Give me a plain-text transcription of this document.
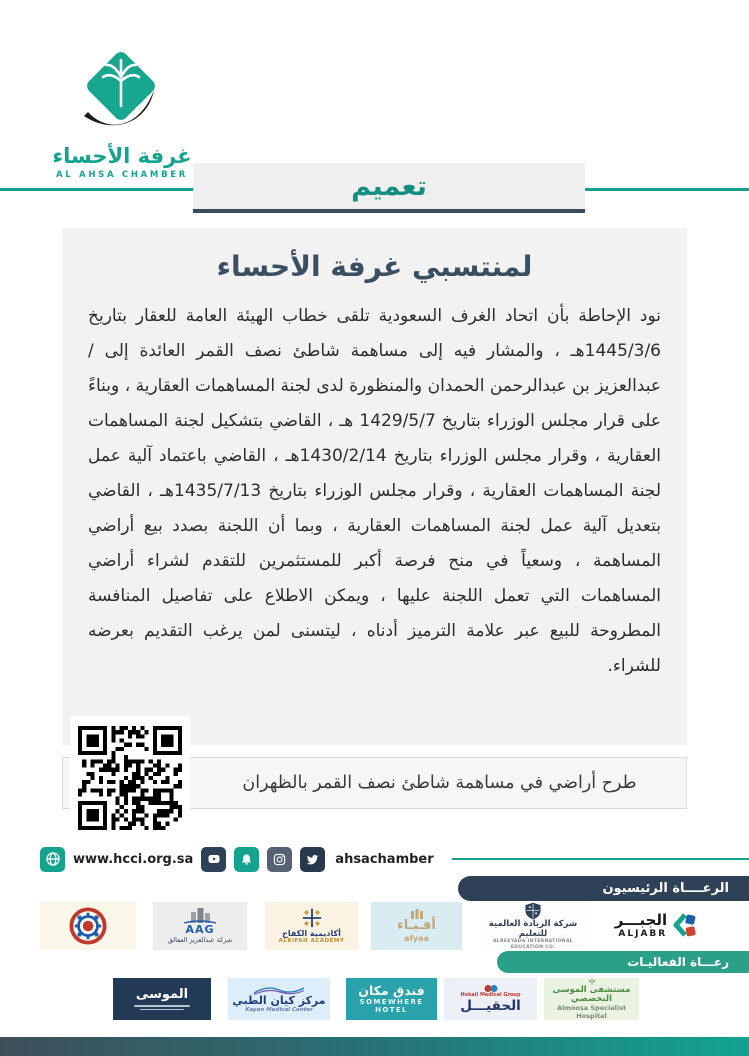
غرفة الأحساء
AL AHSA CHAMBER	تعميم
لمنتسبي غرفة الأحساء

نود الإحاطة بأن اتحاد الغرف السعودية تلقى خطاب الهيئة العامة للعقار بتاريخ 1445/3/6هـ ، والمشار فيه إلى مساهمة شاطئ نصف القمر العائدة إلى / عبدالعزيز بن عبدالرحمن الحمدان والمنظورة لدى لجنة المساهمات العقارية ، وبناءً على قرار مجلس الوزراء بتاريخ 1429/5/7 هـ ، القاضي بتشكيل لجنة المساهمات العقارية ، وقرار مجلس الوزراء بتاريخ 1430/2/14هـ ، القاضي باعتماد آلية عمل لجنة المساهمات العقارية ، وقرار مجلس الوزراء بتاريخ 1435/7/13هـ ، القاضي بتعديل آلية عمل لجنة المساهمات العقارية ، وبما أن اللجنة بصدد بيع أراضي المساهمة ، وسعياً في منح فرصة أكبر للمستثمرين للتقدم لشراء أراضي المساهمات التي تعمل اللجنة عليها ، ويمكن الاطلاع على تفاصيل المنافسة المطروحة للبيع عبر علامة الترميز أدناه ، ليتسنى لمن يرغب التقديم بعرضه للشراء.

طرح أراضي في مساهمة شاطئ نصف القمر بالظهران
www.hcci.org.sa	ahsachamber
الرعــــاة الرئيسيون
AAG
شركة عبدالعزيز العفالق
أكاديمية الكفاح
ALKIFAH ACADEMY
أفـيـاء
afyaa
شركة الريادة العالمية للتعليم
ALREEYADA INTERNATIONAL EDUCATION CO.
الجبـــر
ALJABR
رعـــاة الفعاليـات
الموسى	مركز كيان الطبي
Kayan Medical Center
فندق مكان
SOMEWHERE HOTEL
Hokail Medical Group
الحقيـــل
مستشفى الموسى التخصصي
Almoosa Specialist Hospital
